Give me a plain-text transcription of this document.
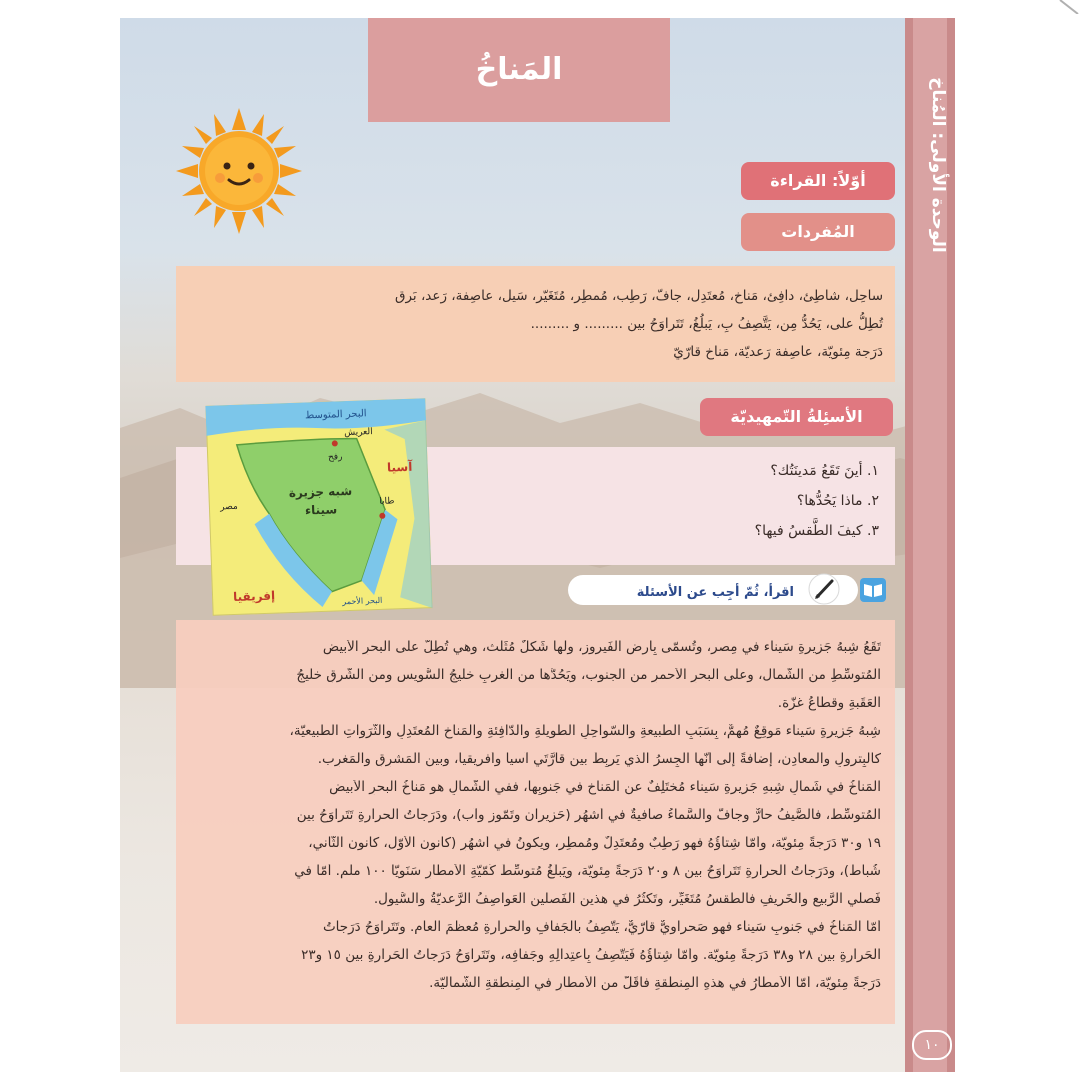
الوحدة الأولى: المُناخ
١٠
المَناخُ
أوّلاً: القراءة
المُفردات

ساحِل، شاطِئ، دافِئ، مَناخ، مُعتَدِل، جافّ، رَطِب، مُمطِر، مُتَغَيّر، سَيل، عاصِفة، رَعد، بَرق

تُطِلُّ على، يَحُدُّ مِن، يَتَّصِفُ بِ، يَبلُغُ، تَتَراوَحُ بين ......... و .........

دَرَجة مِئويّة، عاصِفة رَعديّة، مَناخ قارّيّ

الأسئِلةُ التّمهيديّة

١. أينَ تَقَعُ مَدينَتُك؟

٢. ماذا يَحُدُّها؟

٣. كيفَ الطَّقسُ فيها؟

البحر المتوسط
شبه جزيرة
سيناء
آسيا
إفريقيا
رفح
طابا
العريش
مصر
البحر الأحمر
اقرأ، ثُمّ أجِب عن الأسئلة

تَقَعُ شِبهُ جَزيرةِ سَيناء في مِصر، وتُسمّى بِأرضِ الفَيروز، ولها شَكلٌ مُثَلَّث، وهي تُطِلُّ على البحرِ الأبيضِ

المُتوسِّطِ من الشّمال، وعلى البحرِ الأحمرِ من الجنوب، ويَحُدُّها من الغربِ خليجُ السُّويس ومن الشّرقِ خليجُ

العَقَبةِ وقطاعُ غزّة.

شِبهُ جَزيرةِ سَيناء مَوقِعٌ مُهِمٌّ، بِسَبَبِ الطَّبيعةِ والسّواحِلِ الطّويلةِ والدّافِئةِ والمَناخِ المُعتَدِلِ والثَّرَواتِ الطَّبيعيّة،

كالبِترولِ والمعادِن، إضافةً إلى أنّها الجِسرُ الذي يَربِطُ بين قارَّتَي آسيا وأفريقيا، وبين المَشرِقِ والمَغرِب.

المَناخُ في شَمالِ شِبهِ جَزيرةِ سَيناء مُختَلِفٌ عن المَناخِ في جَنوبِها، ففي الشَّمالِ هو مَناخُ البحرِ الأبيضِ

المُتوسِّط، فالصَّيفُ حارٌّ وجافٌّ والسَّماءُ صافيةٌ في أشهُرِ (حَزيران وتَمّوز وآب)، ودَرَجاتُ الحرارةِ تَتَراوَحُ بين

١٩ و٣٠ دَرَجةً مِئويّة، وأمّا شِتاؤُهُ فهو رَطِبٌ ومُعتَدِلٌ ومُمطِر، ويكونُ في أشهُرِ (كانون الأوّل، كانون الثّاني،

شُباط)، ودَرَجاتُ الحرارةِ تَتَراوَحُ بين ٨ و٢٠ دَرَجةً مِئويّة، ويَبلُغُ مُتوسِّطُ كَمّيّةِ الأمطارِ سَنَويّاً ١٠٠ ملم. أمّا في

فَصلَي الرَّبيعِ والخَريفِ فالطَّقسُ مُتَغَيِّر، وتَكثُرُ في هذينِ الفَصلَينِ العَواصِفُ الرَّعديّةُ والسُّيول.

أمّا المَناخُ في جَنوبِ سَيناء فهو صَحراويٌّ قارّيٌّ، يَتَّصِفُ بالجَفافِ والحرارةِ مُعظَمَ العام. وتَتَراوَحُ دَرَجاتُ

الحَرارةِ بين ٢٨ و٣٨ دَرَجةً مِئويّة. وأمّا شِتاؤُهُ فَيَتَّصِفُ بِاعتِدالِهِ وجَفافِه، وتَتَراوَحُ دَرَجاتُ الحَرارةِ بين ١٥ و٢٣

دَرَجةً مِئويّة، أمّا الأمطارُ في هذهِ المِنطَقةِ فأقَلُّ من الأمطارِ في المِنطَقةِ الشَّماليّة.
